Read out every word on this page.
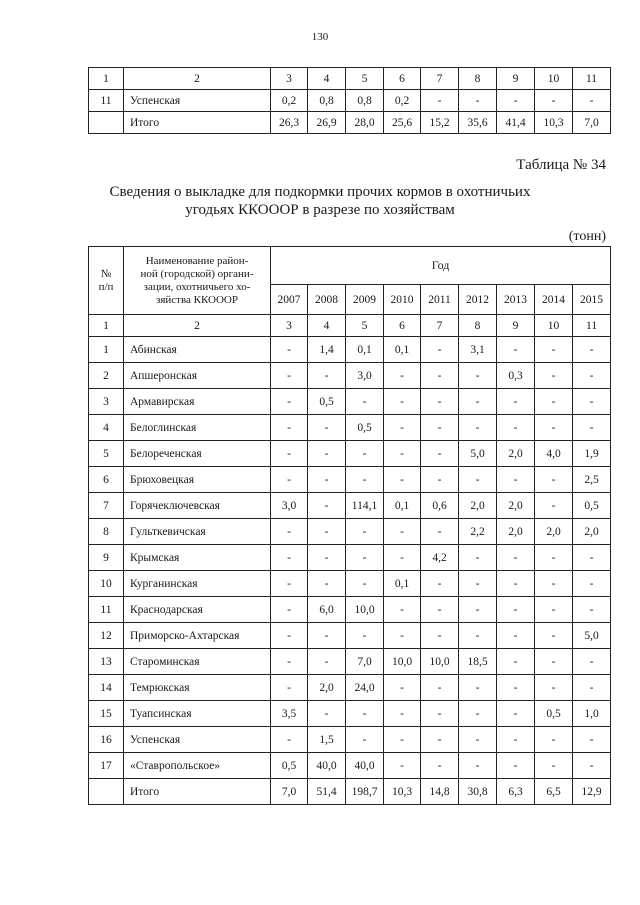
130
1	2	3	4	5	6	7	8	9	10	11
11	Успенская	0,2	0,8	0,8	0,2	-	-	-	-	-
	Итого	26,3	26,9	28,0	25,6	15,2	35,6	41,4	10,3	7,0
Таблица № 34
Сведения о выкладке для подкормки прочих кормов в охотничьих
угодьях ККОООР в разрезе по хозяйствам
(тонн)
№
п/п	Наименование район-
ной (городской) органи-
зации, охотничьего хо-
зяйства ККОООР	Год								
		2007	2008	2009	2010	2011	2012	2013	2014	2015
1	2	3	4	5	6	7	8	9	10	11
1	Абинская	-	1,4	0,1	0,1	-	3,1	-	-	-
2	Апшеронская	-	-	3,0	-	-	-	0,3	-	-
3	Армавирская	-	0,5	-	-	-	-	-	-	-
4	Белоглинская	-	-	0,5	-	-	-	-	-	-
5	Белореченская	-	-	-	-	-	5,0	2,0	4,0	1,9
6	Брюховецкая	-	-	-	-	-	-	-	-	2,5
7	Горячеключевская	3,0	-	114,1	0,1	0,6	2,0	2,0	-	0,5
8	Гульткевичская	-	-	-	-	-	2,2	2,0	2,0	2,0
9	Крымская	-	-	-	-	4,2	-	-	-	-
10	Курганинская	-	-	-	0,1	-	-	-	-	-
11	Краснодарская	-	6,0	10,0	-	-	-	-	-	-
12	Приморско-Ахтарская	-	-	-	-	-	-	-	-	5,0
13	Староминская	-	-	7,0	10,0	10,0	18,5	-	-	-
14	Темрюкская	-	2,0	24,0	-	-	-	-	-	-
15	Туапсинская	3,5	-	-	-	-	-	-	0,5	1,0
16	Успенская	-	1,5	-	-	-	-	-	-	-
17	«Ставропольское»	0,5	40,0	40,0	-	-	-	-	-	-
	Итого	7,0	51,4	198,7	10,3	14,8	30,8	6,3	6,5	12,9
